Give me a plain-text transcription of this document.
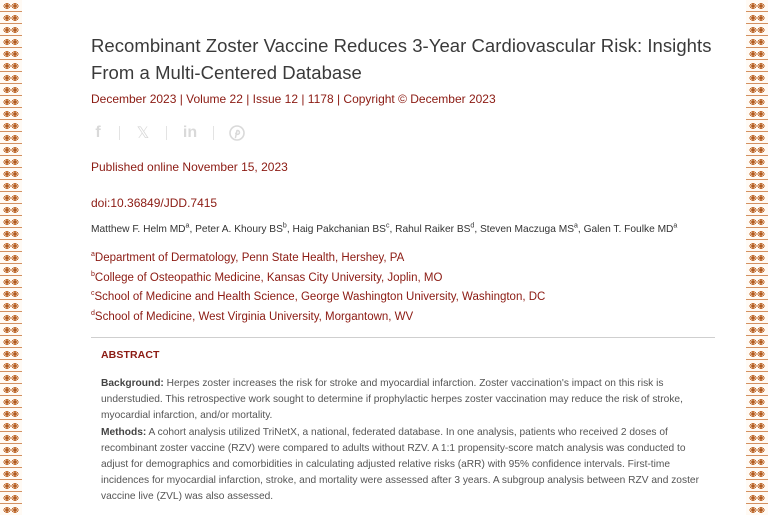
Recombinant Zoster Vaccine Reduces 3-Year Cardiovascular Risk: Insights From a Multi-Centered Database
December 2023 | Volume 22 | Issue 12 | 1178 | Copyright © December 2023
f 𝕏 in
Published online November 15, 2023
doi:10.36849/JDD.7415
Matthew F. Helm $MD^a$, Peter A. Khoury $BS^b$, Haig Pakchanian $BS^c$, Rahul Raiker $BS^d$, Steven Maczuga $MS^a$, Galen T. Foulke $MD^a$
$^a$Department of Dermatology, Penn State Health, Hershey, PA
$^b$College of Osteopathic Medicine, Kansas City University, Joplin, MO
$^c$School of Medicine and Health Science, George Washington University, Washington, DC
$^d$School of Medicine, West Virginia University, Morgantown, WV
ABSTRACT
Background: Herpes zoster increases the risk for stroke and myocardial infarction. Zoster vaccination's impact on this risk is understudied. This retrospective work sought to determine if prophylactic herpes zoster vaccination may reduce the risk of stroke, myocardial infarction, and/or mortality.
Methods: A cohort analysis utilized TriNetX, a national, federated database. In one analysis, patients who received 2 doses of recombinant zoster vaccine (RZV) were compared to adults without RZV. A 1:1 propensity-score match analysis was conducted to adjust for demographics and comorbidities in calculating adjusted relative risks (aRR) with 95% confidence intervals. First-time incidences for myocardial infarction, stroke, and mortality were assessed after 3 years. A subgroup analysis between RZV and zoster vaccine live (ZVL) was also assessed.
